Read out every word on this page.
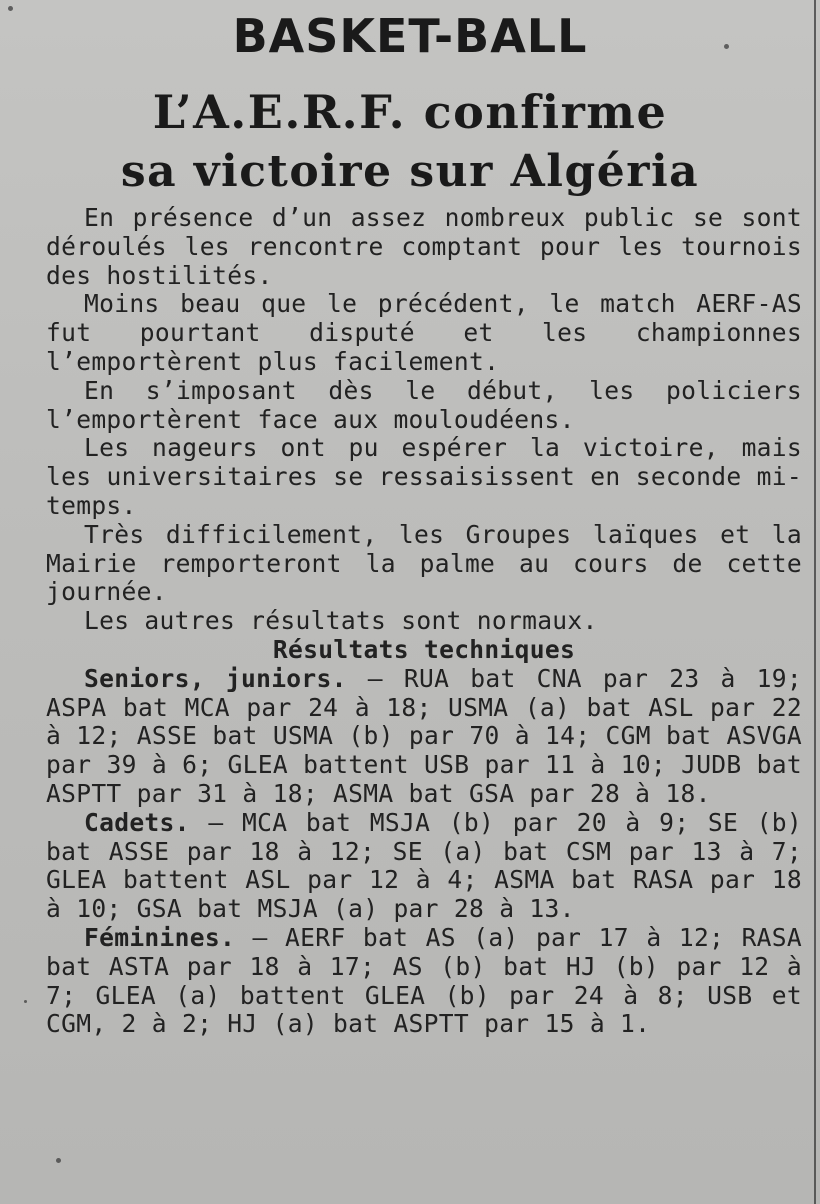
BASKET-BALL
L’A.E.R.F. confirme
sa victoire sur Algéria

En présence d’un assez nombreux public se sont déroulés les rencontre comptant pour les tournois des hostilités.

Moins beau que le précédent, le match AERF-AS fut pourtant disputé et les championnes l’emportèrent plus facilement.

En s’imposant dès le début, les policiers l’emportèrent face aux mouloudéens.

Les nageurs ont pu espérer la victoire, mais les universitaires se ressaisissent en seconde mi-temps.

Très difficilement, les Groupes laïques et la Mairie remporteront la palme au cours de cette journée.

Les autres résultats sont normaux.

Résultats techniques

Seniors, juniors. — RUA bat CNA par 23 à 19; ASPA bat MCA par 24 à 18; USMA (a) bat ASL par 22 à 12; ASSE bat USMA (b) par 70 à 14; CGM bat ASVGA par 39 à 6; GLEA battent USB par 11 à 10; JUDB bat ASPTT par 31 à 18; ASMA bat GSA par 28 à 18.

Cadets. — MCA bat MSJA (b) par 20 à 9; SE (b) bat ASSE par 18 à 12; SE (a) bat CSM par 13 à 7; GLEA battent ASL par 12 à 4; ASMA bat RASA par 18 à 10; GSA bat MSJA (a) par 28 à 13.

Féminines. — AERF bat AS (a) par 17 à 12; RASA bat ASTA par 18 à 17; AS (b) bat HJ (b) par 12 à 7; GLEA (a) battent GLEA (b) par 24 à 8; USB et CGM, 2 à 2; HJ (a) bat ASPTT par 15 à 1.
